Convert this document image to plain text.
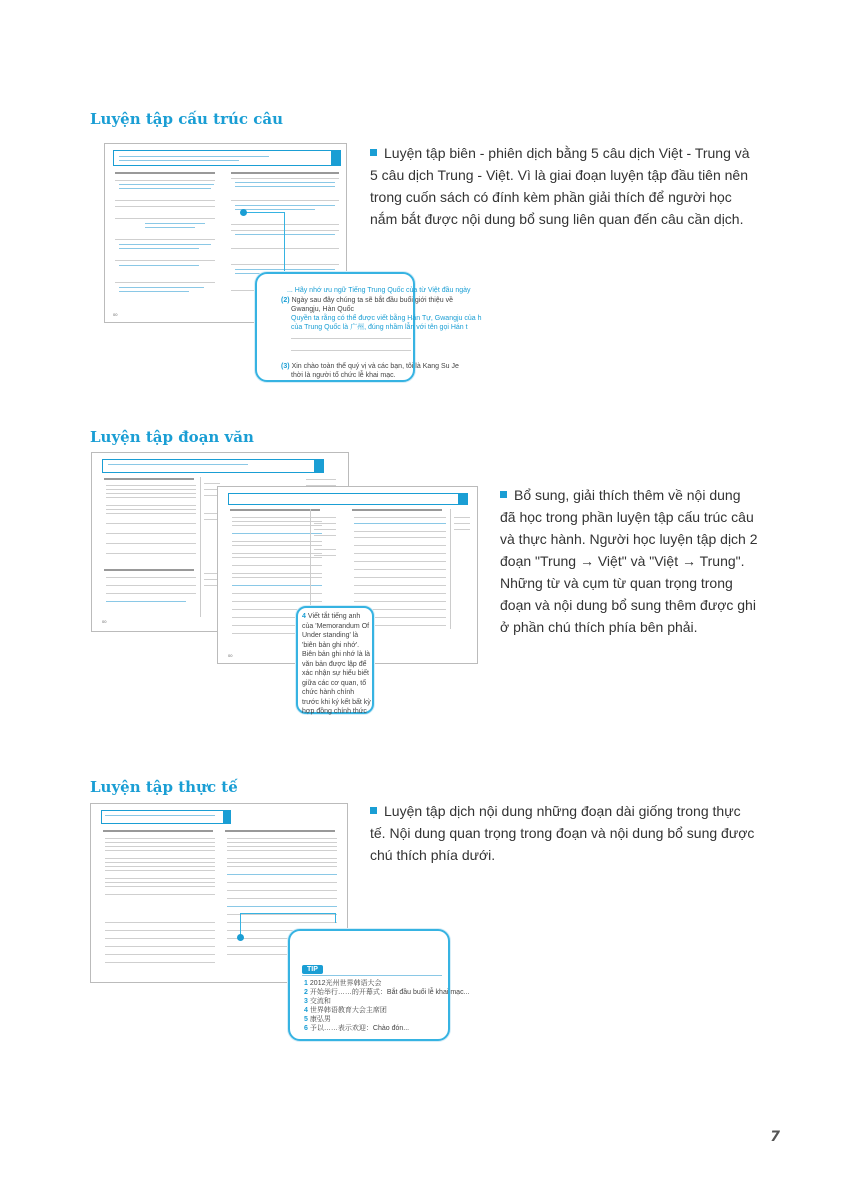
Luyện tập cấu trúc câu
00
... Hãy nhớ ưu ngữ Tiếng Trung Quốc của từ Việt đầu ngày
(2) Ngày sau đây chúng ta sẽ bắt đầu buổi giới thiệu về
Gwangju, Hàn Quốc
Quyền ta rằng có thể được viết bằng Hán Tự, Gwangju của h
của Trung Quốc là 广州, đúng nhầm lẫn với tên gọi Hán t
(3) Xin chào toàn thể quý vị và các bạn, tôi là Kang Su Je
thời là người tổ chức lễ khai mạc.
Luyện tập biên - phiên dịch bằng 5 câu dịch Việt - Trung và 5 câu dịch Trung - Việt. Vì là giai đoạn luyện tập đầu tiên nên trong cuốn sách có đính kèm phần giải thích để người học nắm bắt được nội dung bổ sung liên quan đến câu cần dịch.
Luyện tập đoạn văn
00
00
4 Viết tắt tiếng anh của 'Memorandum Of Under standing' là 'biên bản ghi nhớ'. Biên bản ghi nhớ là là văn bản được lập để xác nhận sự hiểu biết giữa các cơ quan, tổ chức hành chính trước khi ký kết bất kỳ hợp đồng chính thức
Bổ sung, giải thích thêm về nội dung đã học trong phần luyện tập cấu trúc câu và thực hành. Người học luyện tập dịch 2 đoạn "Trung → Việt" và "Việt → Trung". Những từ và cụm từ quan trọng trong đoạn và nội dung bổ sung thêm được ghi ở phần chú thích phía bên phải.
Luyện tập thực tế
TIP
1 2012光州世界韩语大会
2 开始举行……的开幕式：Bắt đầu buổi lễ khai mạc...
3 交流和
4 世界韩语教育大会主席团
5 康弘男
6 予以……表示欢迎：Chào đón...
Luyện tập dịch nội dung những đoạn dài giống trong thực tế. Nội dung quan trọng trong đoạn và nội dung bổ sung được chú thích phía dưới.
7
